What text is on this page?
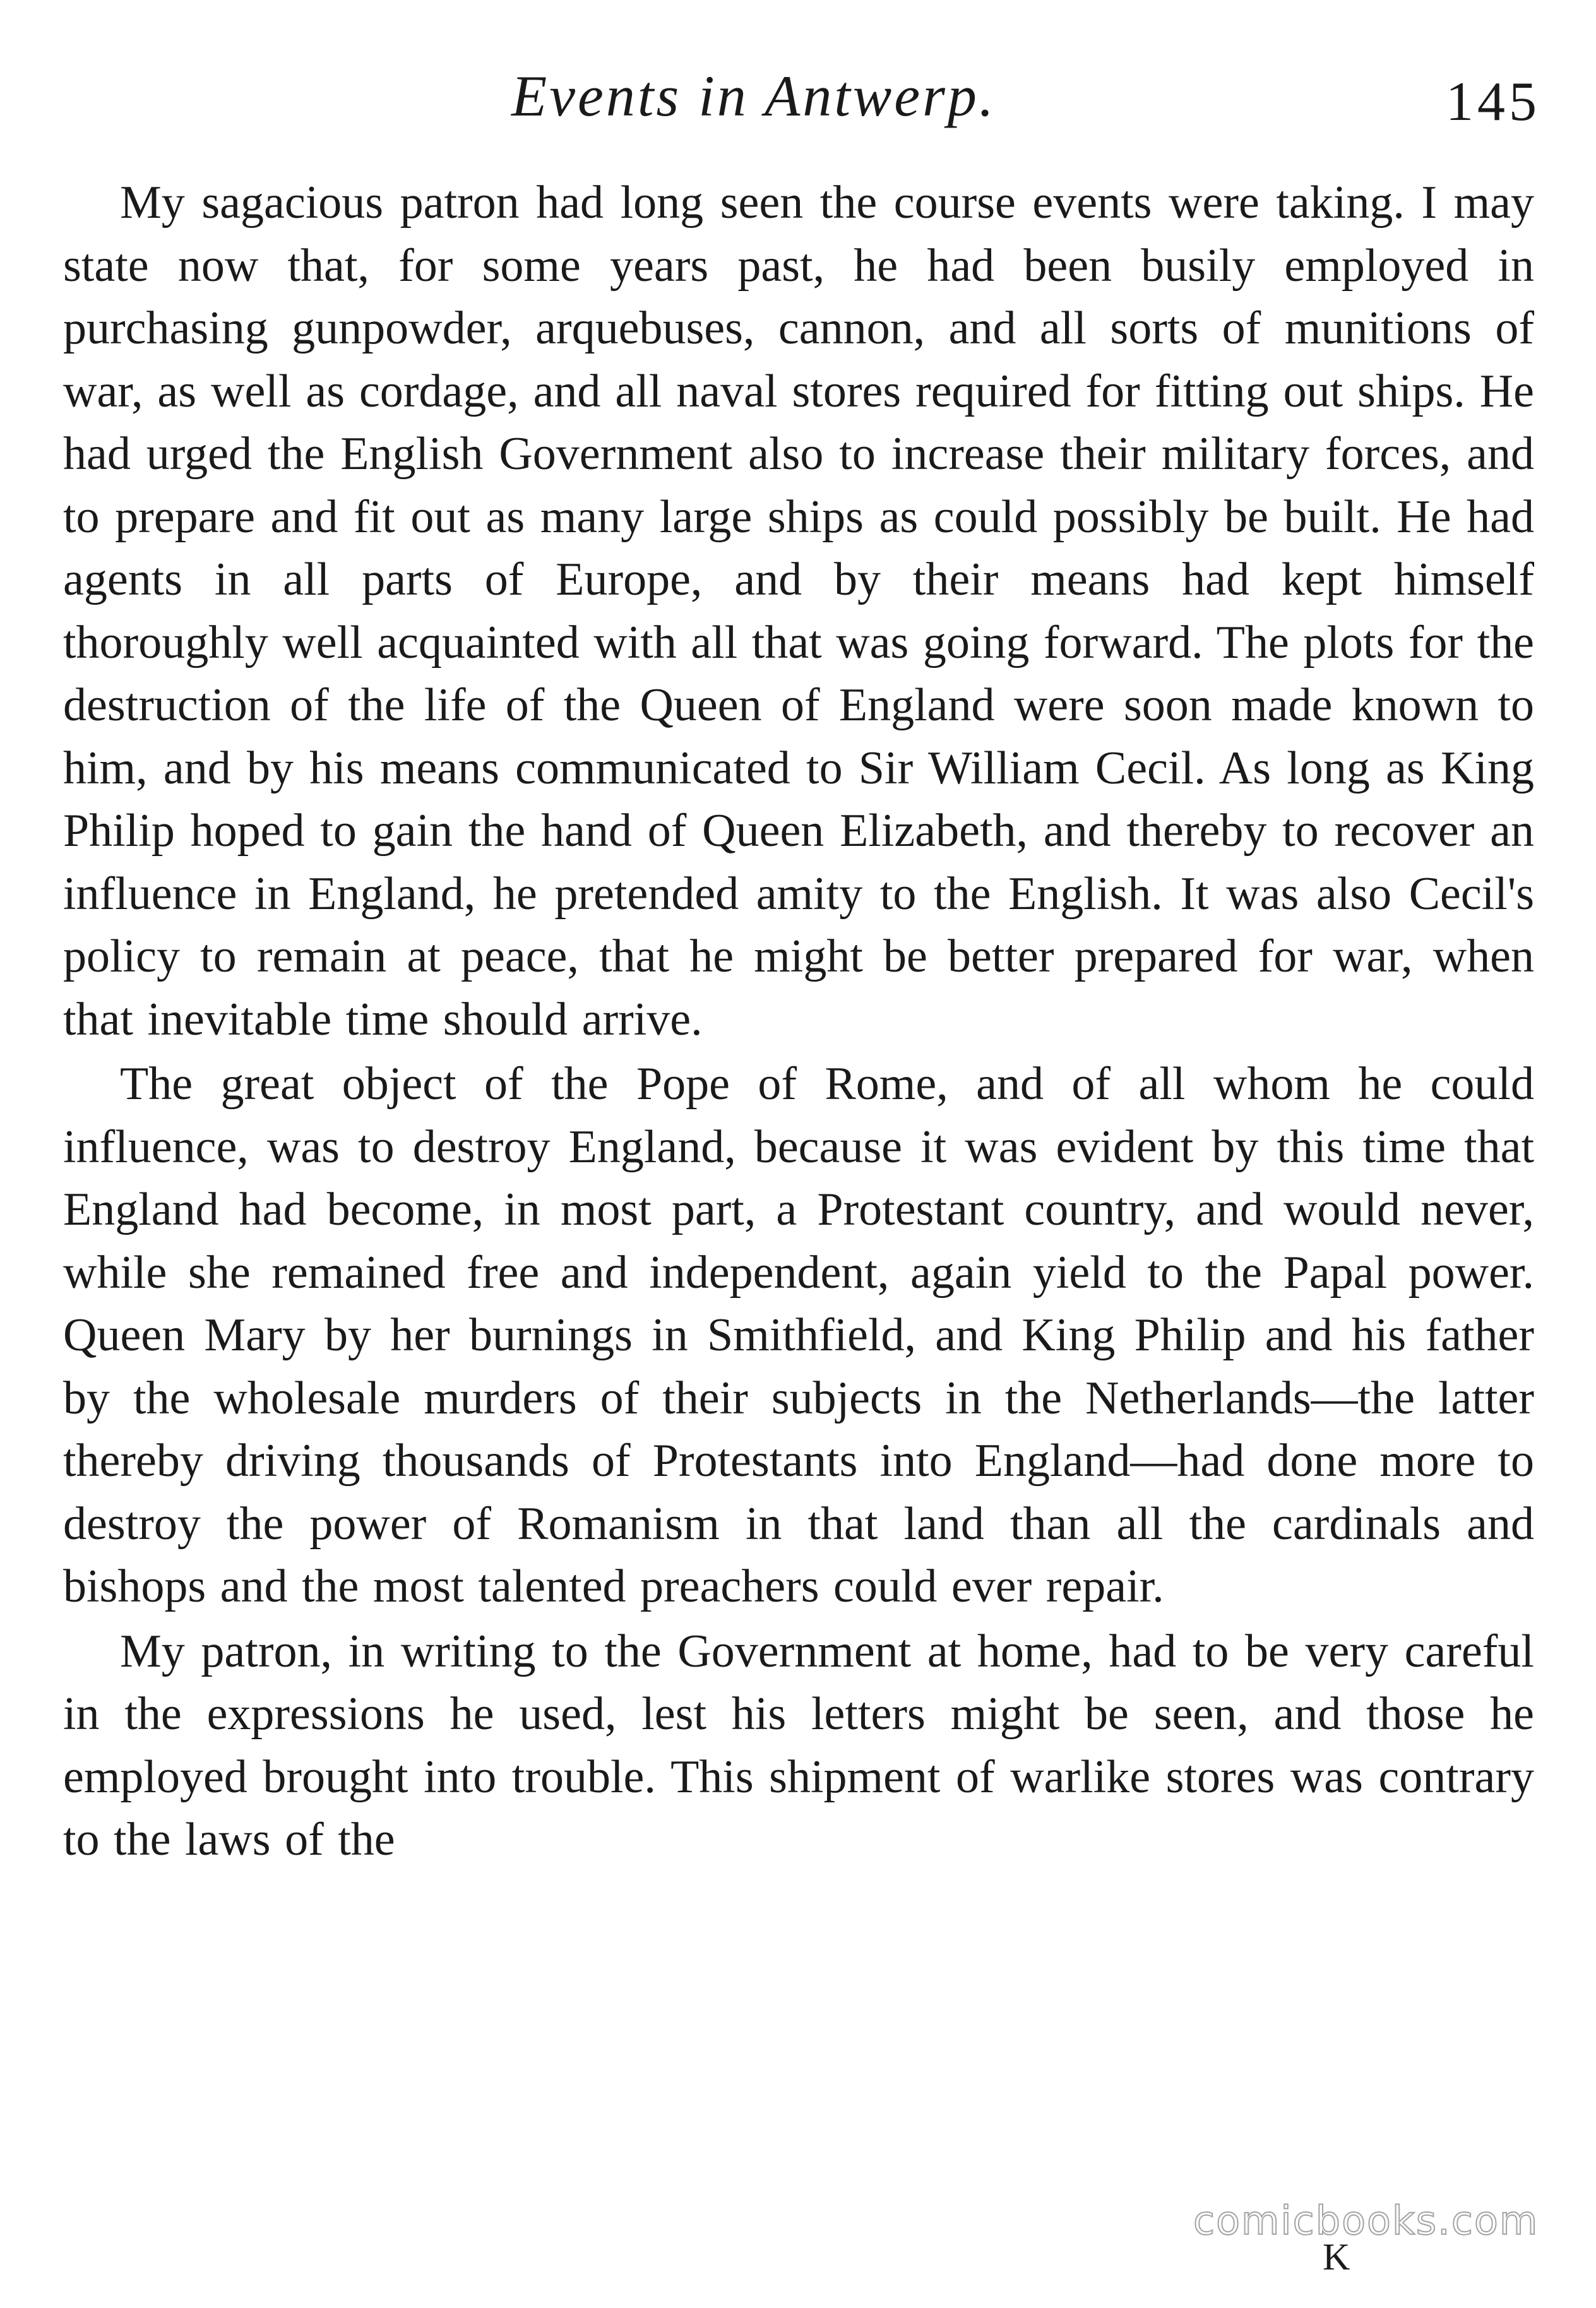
Events in Antwerp.	145

My sagacious patron had long seen the course events were taking. I may state now that, for some years past, he had been busily employed in purchasing gunpowder, arquebuses, cannon, and all sorts of munitions of war, as well as cordage, and all naval stores required for fitting out ships. He had urged the English Government also to increase their military forces, and to prepare and fit out as many large ships as could possibly be built. He had agents in all parts of Europe, and by their means had kept himself thoroughly well acquainted with all that was going forward. The plots for the destruction of the life of the Queen of England were soon made known to him, and by his means communicated to Sir William Cecil. As long as King Philip hoped to gain the hand of Queen Elizabeth, and thereby to recover an influence in England, he pretended amity to the English. It was also Cecil's policy to remain at peace, that he might be better prepared for war, when that inevitable time should arrive.

The great object of the Pope of Rome, and of all whom he could influence, was to destroy England, because it was evident by this time that England had become, in most part, a Protestant country, and would never, while she remained free and independent, again yield to the Papal power. Queen Mary by her burnings in Smithfield, and King Philip and his father by the wholesale murders of their subjects in the Netherlands—the latter thereby driving thousands of Protestants into England—had done more to destroy the power of Romanism in that land than all the cardinals and bishops and the most talented preachers could ever repair.

My patron, in writing to the Government at home, had to be very careful in the expressions he used, lest his letters might be seen, and those he employed brought into trouble. This shipment of warlike stores was contrary to the laws of the

comicbooks.com
K
